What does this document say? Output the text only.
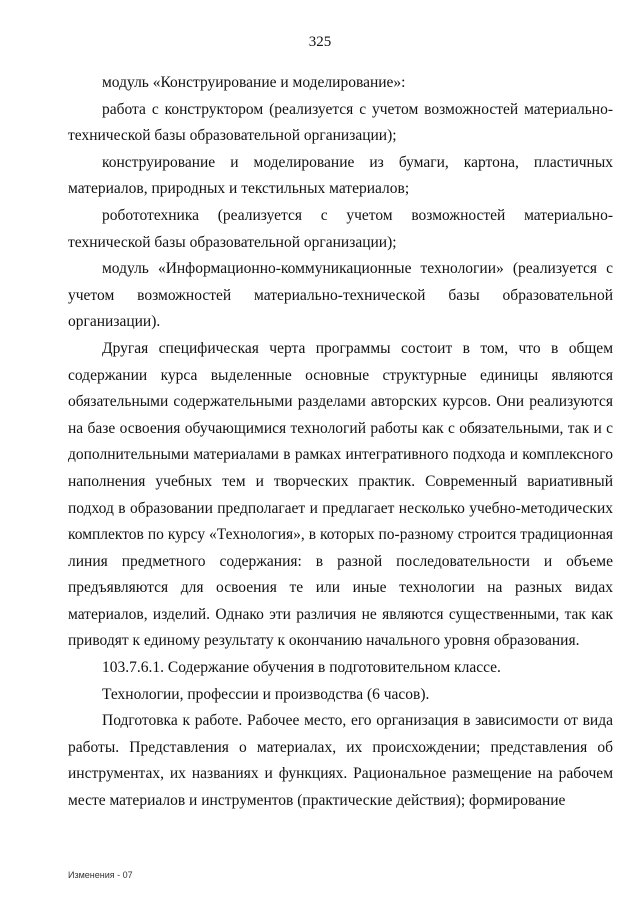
325

модуль «Конструирование и моделирование»:

работа с конструктором (реализуется с учетом возможностей материально-технической базы образовательной организации);

конструирование и моделирование из бумаги, картона, пластичных материалов, природных и текстильных материалов;

робототехника (реализуется с учетом возможностей материально-технической базы образовательной организации);

модуль «Информационно-коммуникационные технологии» (реализуется с учетом возможностей материально-технической базы образовательной организации).

Другая специфическая черта программы состоит в том, что в общем содержании курса выделенные основные структурные единицы являются обязательными содержательными разделами авторских курсов. Они реализуются на базе освоения обучающимися технологий работы как с обязательными, так и с дополнительными материалами в рамках интегративного подхода и комплексного наполнения учебных тем и творческих практик. Современный вариативный подход в образовании предполагает и предлагает несколько учебно-методических комплектов по курсу «Технология», в которых по-разному строится традиционная линия предметного содержания: в разной последовательности и объеме предъявляются для освоения те или иные технологии на разных видах материалов, изделий. Однако эти различия не являются существенными, так как приводят к единому результату к окончанию начального уровня образования.

103.7.6.1. Содержание обучения в подготовительном классе.

Технологии, профессии и производства (6 часов).

Подготовка к работе. Рабочее место, его организация в зависимости от вида работы. Представления о материалах, их происхождении; представления об инструментах, их названиях и функциях. Рациональное размещение на рабочем месте материалов и инструментов (практические действия); формирование

Изменения - 07
